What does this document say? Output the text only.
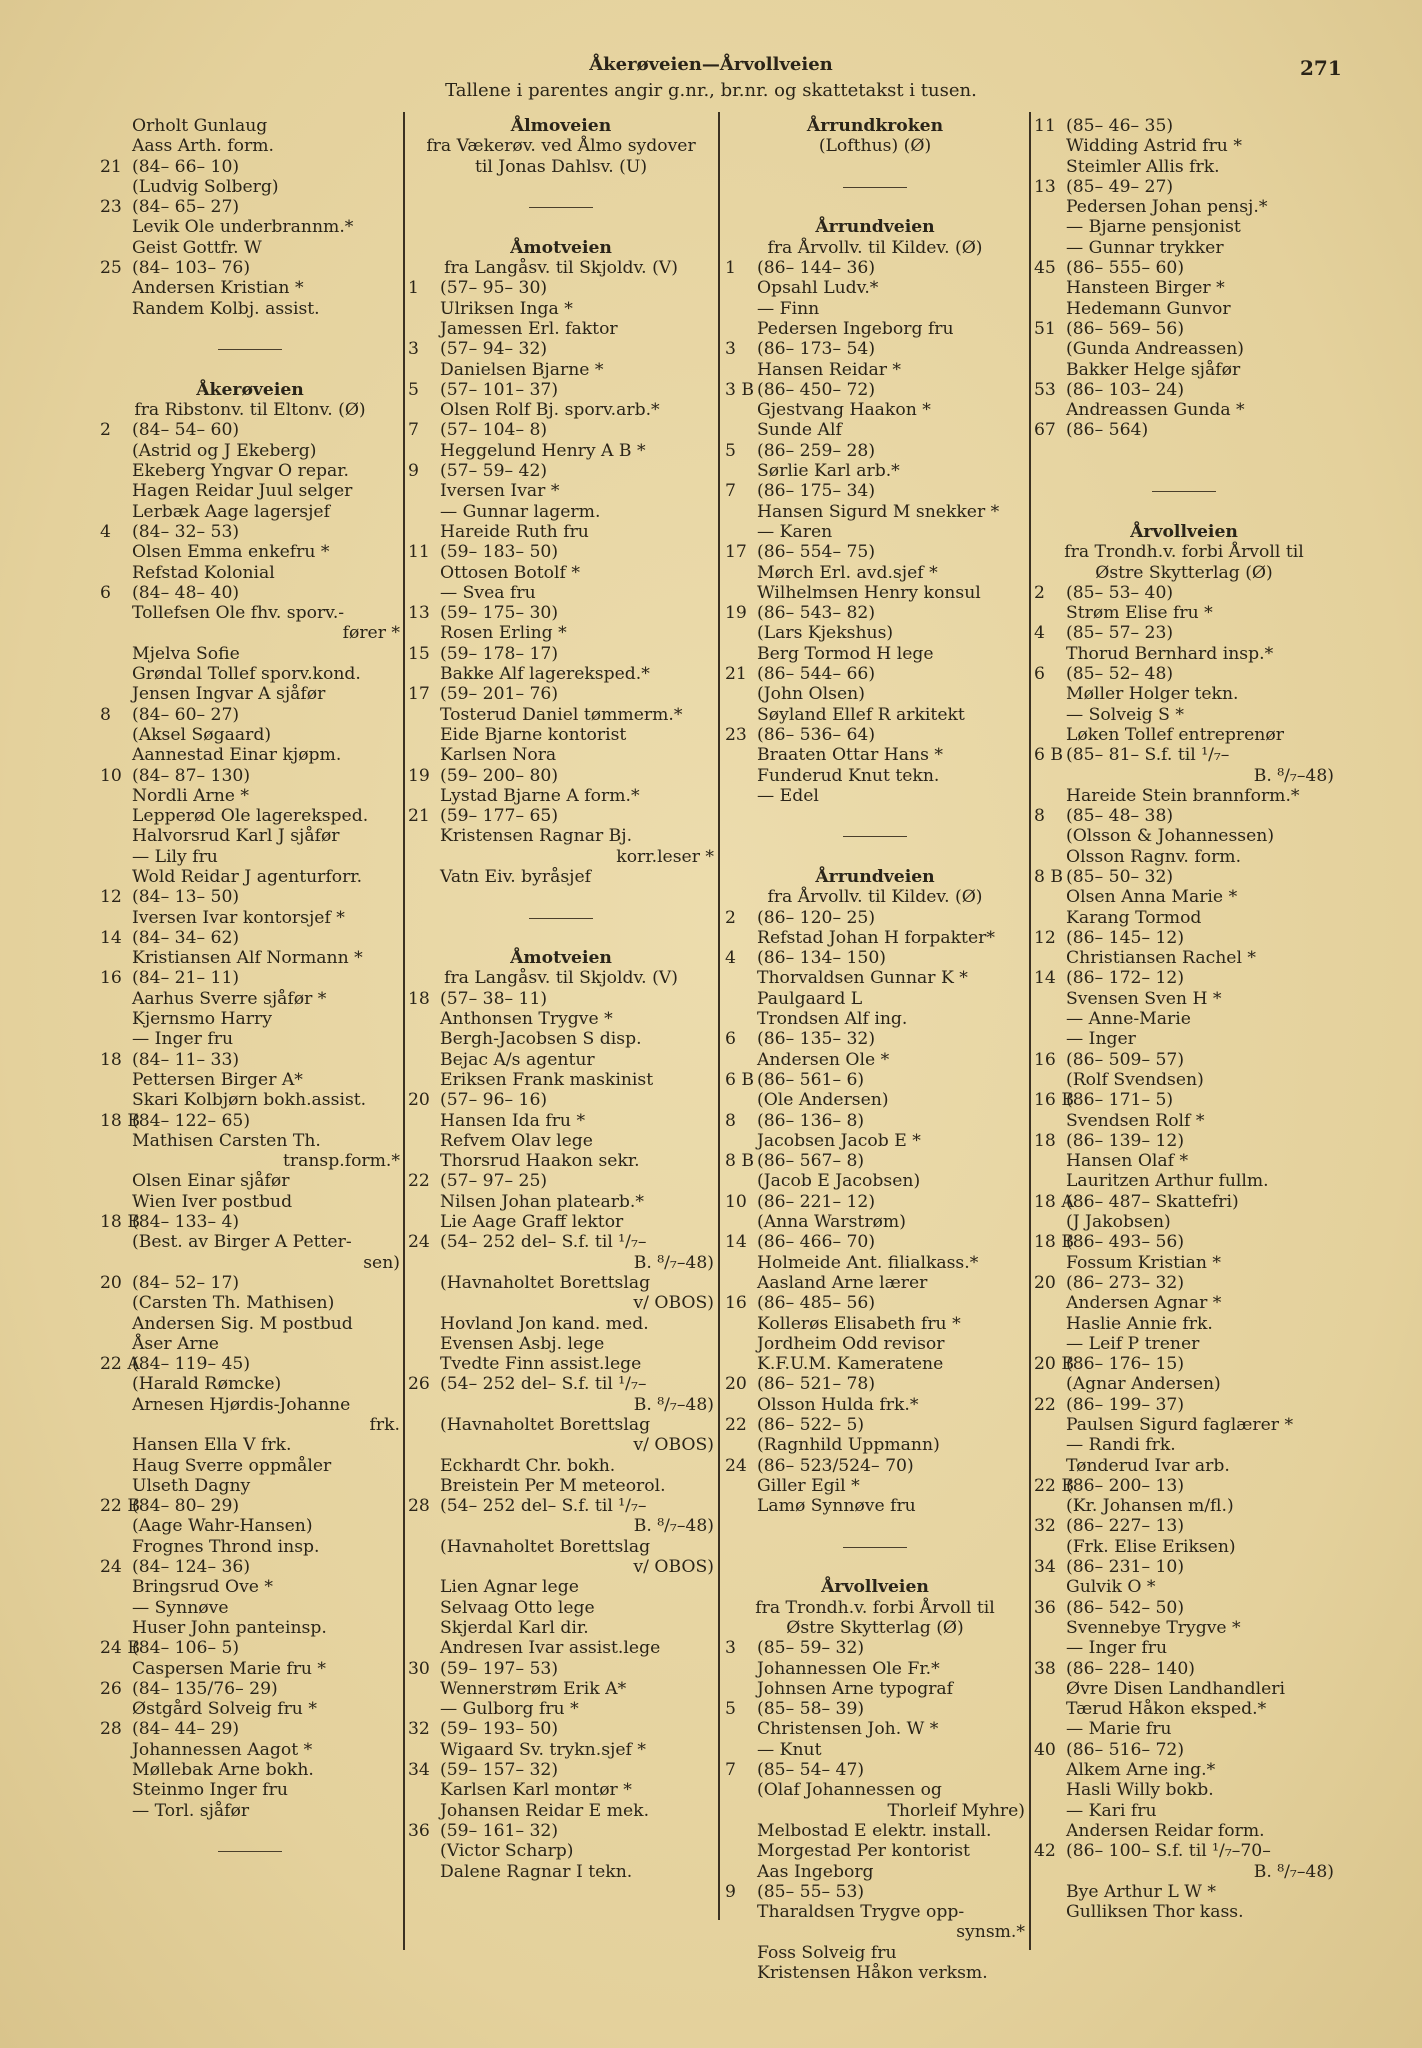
Åkerøveien—Årvollveien
Tallene i parentes angir g.nr., br.nr. og skattetakst i tusen.
271
Orholt Gunlaug
Aass Arth. form.
21 (84– 66– 10)
(Ludvig Solberg)
23 (84– 65– 27)
Levik Ole underbrannm.*
Geist Gottfr. W
25 (84– 103– 76)
Andersen Kristian *
Randem Kolbj. assist.
Åkerøveien
fra Ribstonv. til Eltonv. (Ø)
2 (84– 54– 60)
(Astrid og J Ekeberg)
Ekeberg Yngvar O repar.
Hagen Reidar Juul selger
Lerbæk Aage lagersjef
4 (84– 32– 53)
Olsen Emma enkefru *
Refstad Kolonial
6 (84– 48– 40)
Tollefsen Ole fhv. sporv.-
fører *
Mjelva Sofie
Grøndal Tollef sporv.kond.
Jensen Ingvar A sjåfør
8 (84– 60– 27)
(Aksel Søgaard)
Aannestad Einar kjøpm.
10 (84– 87– 130)
Nordli Arne *
Lepperød Ole lagereksped.
Halvorsrud Karl J sjåfør
— Lily fru
Wold Reidar J agenturforr.
12 (84– 13– 50)
Iversen Ivar kontorsjef *
14 (84– 34– 62)
Kristiansen Alf Normann *
16 (84– 21– 11)
Aarhus Sverre sjåfør *
Kjernsmo Harry
— Inger fru
18 (84– 11– 33)
Pettersen Birger A*
Skari Kolbjørn bokh.assist.
18 B(84– 122– 65)
Mathisen Carsten Th.
transp.form.*
Olsen Einar sjåfør
Wien Iver postbud
18 B(84– 133– 4)
(Best. av Birger A Petter-
sen)
20 (84– 52– 17)
(Carsten Th. Mathisen)
Andersen Sig. M postbud
Åser Arne
22 A(84– 119– 45)
(Harald Rømcke)
Arnesen Hjørdis-Johanne
frk.
Hansen Ella V frk.
Haug Sverre oppmåler
Ulseth Dagny
22 B(84– 80– 29)
(Aage Wahr-Hansen)
Frognes Thrond insp.
24 (84– 124– 36)
Bringsrud Ove *
— Synnøve
Huser John panteinsp.
24 B(84– 106– 5)
Caspersen Marie fru *
26 (84– 135/76– 29)
Østgård Solveig fru *
28 (84– 44– 29)
Johannessen Aagot *
Møllebak Arne bokh.
Steinmo Inger fru
— Torl. sjåfør
Ålmoveien
fra Vækerøv. ved Ålmo sydover
til Jonas Dahlsv. (U)
Åmotveien
fra Langåsv. til Skjoldv. (V)
1 (57– 95– 30)
Ulriksen Inga *
Jamessen Erl. faktor
3 (57– 94– 32)
Danielsen Bjarne *
5 (57– 101– 37)
Olsen Rolf Bj. sporv.arb.*
7 (57– 104– 8)
Heggelund Henry A B *
9 (57– 59– 42)
Iversen Ivar *
— Gunnar lagerm.
Hareide Ruth fru
11 (59– 183– 50)
Ottosen Botolf *
— Svea fru
13 (59– 175– 30)
Rosen Erling *
15 (59– 178– 17)
Bakke Alf lagereksped.*
17 (59– 201– 76)
Tosterud Daniel tømmerm.*
Eide Bjarne kontorist
Karlsen Nora
19 (59– 200– 80)
Lystad Bjarne A form.*
21 (59– 177– 65)
Kristensen Ragnar Bj.
korr.leser *
Vatn Eiv. byråsjef
Åmotveien
fra Langåsv. til Skjoldv. (V)
18 (57– 38– 11)
Anthonsen Trygve *
Bergh-Jacobsen S disp.
Bejac A/s agentur
Eriksen Frank maskinist
20 (57– 96– 16)
Hansen Ida fru *
Refvem Olav lege
Thorsrud Haakon sekr.
22 (57– 97– 25)
Nilsen Johan platearb.*
Lie Aage Graff lektor
24 (54– 252 del– S.f. til ¹/₇–
B. ⁸/₇–48)
(Havnaholtet Borettslag
v/ OBOS)
Hovland Jon kand. med.
Evensen Asbj. lege
Tvedte Finn assist.lege
26 (54– 252 del– S.f. til ¹/₇–
B. ⁸/₇–48)
(Havnaholtet Borettslag
v/ OBOS)
Eckhardt Chr. bokh.
Breistein Per M meteorol.
28 (54– 252 del– S.f. til ¹/₇–
B. ⁸/₇–48)
(Havnaholtet Borettslag
v/ OBOS)
Lien Agnar lege
Selvaag Otto lege
Skjerdal Karl dir.
Andresen Ivar assist.lege
30 (59– 197– 53)
Wennerstrøm Erik A*
— Gulborg fru *
32 (59– 193– 50)
Wigaard Sv. trykn.sjef *
34 (59– 157– 32)
Karlsen Karl montør *
Johansen Reidar E mek.
36 (59– 161– 32)
(Victor Scharp)
Dalene Ragnar I tekn.
Årrundkroken
(Lofthus) (Ø)
Årrundveien
fra Årvollv. til Kildev. (Ø)
1 (86– 144– 36)
Opsahl Ludv.*
— Finn
Pedersen Ingeborg fru
3 (86– 173– 54)
Hansen Reidar *
3 B (86– 450– 72)
Gjestvang Haakon *
Sunde Alf
5 (86– 259– 28)
Sørlie Karl arb.*
7 (86– 175– 34)
Hansen Sigurd M snekker *
— Karen
17 (86– 554– 75)
Mørch Erl. avd.sjef *
Wilhelmsen Henry konsul
19 (86– 543– 82)
(Lars Kjekshus)
Berg Tormod H lege
21 (86– 544– 66)
(John Olsen)
Søyland Ellef R arkitekt
23 (86– 536– 64)
Braaten Ottar Hans *
Funderud Knut tekn.
— Edel
Årrundveien
fra Årvollv. til Kildev. (Ø)
2 (86– 120– 25)
Refstad Johan H forpakter*
4 (86– 134– 150)
Thorvaldsen Gunnar K *
Paulgaard L
Trondsen Alf ing.
6 (86– 135– 32)
Andersen Ole *
6 B (86– 561– 6)
(Ole Andersen)
8 (86– 136– 8)
Jacobsen Jacob E *
8 B (86– 567– 8)
(Jacob E Jacobsen)
10 (86– 221– 12)
(Anna Warstrøm)
14 (86– 466– 70)
Holmeide Ant. filialkass.*
Aasland Arne lærer
16 (86– 485– 56)
Kollerøs Elisabeth fru *
Jordheim Odd revisor
K.F.U.M. Kameratene
20 (86– 521– 78)
Olsson Hulda frk.*
22 (86– 522– 5)
(Ragnhild Uppmann)
24 (86– 523/524– 70)
Giller Egil *
Lamø Synnøve fru
Årvollveien
fra Trondh.v. forbi Årvoll til
Østre Skytterlag (Ø)
3 (85– 59– 32)
Johannessen Ole Fr.*
Johnsen Arne typograf
5 (85– 58– 39)
Christensen Joh. W *
— Knut
7 (85– 54– 47)
(Olaf Johannessen og
Thorleif Myhre)
Melbostad E elektr. install.
Morgestad Per kontorist
Aas Ingeborg
9 (85– 55– 53)
Tharaldsen Trygve opp-
synsm.*
Foss Solveig fru
Kristensen Håkon verksm.
11 (85– 46– 35)
Widding Astrid fru *
Steimler Allis frk.
13 (85– 49– 27)
Pedersen Johan pensj.*
— Bjarne pensjonist
— Gunnar trykker
45 (86– 555– 60)
Hansteen Birger *
Hedemann Gunvor
51 (86– 569– 56)
(Gunda Andreassen)
Bakker Helge sjåfør
53 (86– 103– 24)
Andreassen Gunda *
67 (86– 564)
Årvollveien
fra Trondh.v. forbi Årvoll til
Østre Skytterlag (Ø)
2 (85– 53– 40)
Strøm Elise fru *
4 (85– 57– 23)
Thorud Bernhard insp.*
6 (85– 52– 48)
Møller Holger tekn.
— Solveig S *
Løken Tollef entreprenør
6 B (85– 81– S.f. til ¹/₇–
B. ⁸/₇–48)
Hareide Stein brannform.*
8 (85– 48– 38)
(Olsson & Johannessen)
Olsson Ragnv. form.
8 B (85– 50– 32)
Olsen Anna Marie *
Karang Tormod
12 (86– 145– 12)
Christiansen Rachel *
14 (86– 172– 12)
Svensen Sven H *
— Anne-Marie
— Inger
16 (86– 509– 57)
(Rolf Svendsen)
16 B(86– 171– 5)
Svendsen Rolf *
18 (86– 139– 12)
Hansen Olaf *
Lauritzen Arthur fullm.
18 A(86– 487– Skattefri)
(J Jakobsen)
18 B(86– 493– 56)
Fossum Kristian *
20 (86– 273– 32)
Andersen Agnar *
Haslie Annie frk.
— Leif P trener
20 B(86– 176– 15)
(Agnar Andersen)
22 (86– 199– 37)
Paulsen Sigurd faglærer *
— Randi frk.
Tønderud Ivar arb.
22 B(86– 200– 13)
(Kr. Johansen m/fl.)
32 (86– 227– 13)
(Frk. Elise Eriksen)
34 (86– 231– 10)
Gulvik O *
36 (86– 542– 50)
Svennebye Trygve *
— Inger fru
38 (86– 228– 140)
Øvre Disen Landhandleri
Tærud Håkon eksped.*
— Marie fru
40 (86– 516– 72)
Alkem Arne ing.*
Hasli Willy bokb.
— Kari fru
Andersen Reidar form.
42 (86– 100– S.f. til ¹/₇–70–
B. ⁸/₇–48)
Bye Arthur L W *
Gulliksen Thor kass.
